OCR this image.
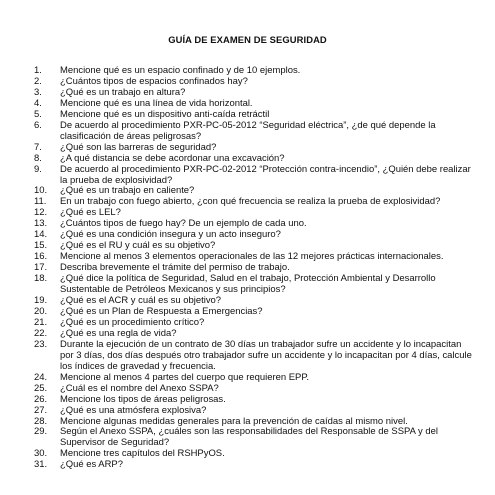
GUÍA DE EXAMEN DE SEGURIDAD
1.	Mencione qué es un espacio confinado y de 10 ejemplos.
2.	¿Cuántos tipos de espacios confinados hay?
3.	¿Qué es un trabajo en altura?
4.	Mencione qué es una línea de vida horizontal.
5.	Mencione qué es un dispositivo anti-caída retráctil
6.	De acuerdo al procedimiento PXR-PC-05-2012 “Seguridad eléctrica”, ¿de qué depende la clasificación de áreas peligrosas?
7.	¿Qué son las barreras de seguridad?
8.	¿A qué distancia se debe acordonar una excavación?
9.	De acuerdo al procedimiento PXR-PC-02-2012 “Protección contra-incendio”, ¿Quién debe realizar la prueba de explosividad?
10.	¿Qué es un trabajo en caliente?
11.	En un trabajo con fuego abierto, ¿con qué frecuencia se realiza la prueba de explosividad?
12.	¿Qué es LEL?
13.	¿Cuántos tipos de fuego hay? De un ejemplo de cada uno.
14.	¿Qué es una condición insegura y un acto inseguro?
15.	¿Qué es el RU y cuál es su objetivo?
16.	Mencione al menos 3 elementos operacionales de las 12 mejores prácticas internacionales.
17.	Describa brevemente el trámite del permiso de trabajo.
18.	¿Qué dice la política de Seguridad, Salud en el trabajo, Protección Ambiental y Desarrollo Sustentable de Petróleos Mexicanos y sus principios?
19.	¿Qué es el ACR y cuál es su objetivo?
20.	¿Qué es un Plan de Respuesta a Emergencias?
21.	¿Qué es un procedimiento crítico?
22.	¿Qué es una regla de vida?
23.	Durante la ejecución de un contrato de 30 días un trabajador sufre un accidente y lo incapacitan por 3 días, dos días después otro trabajador sufre un accidente y lo incapacitan por 4 días, calcule los índices de gravedad y frecuencia.
24.	Mencione al menos 4 partes del cuerpo que requieren EPP.
25.	¿Cuál es el nombre del Anexo SSPA?
26.	Mencione los tipos de áreas peligrosas.
27.	¿Qué es una atmósfera explosiva?
28.	Mencione algunas medidas generales para la prevención de caídas al mismo nivel.
29.	Según el Anexo SSPA, ¿cuáles son las responsabilidades del Responsable de SSPA y del Supervisor de Seguridad?
30.	Mencione tres capítulos del RSHPyOS.
31.	¿Qué es ARP?
